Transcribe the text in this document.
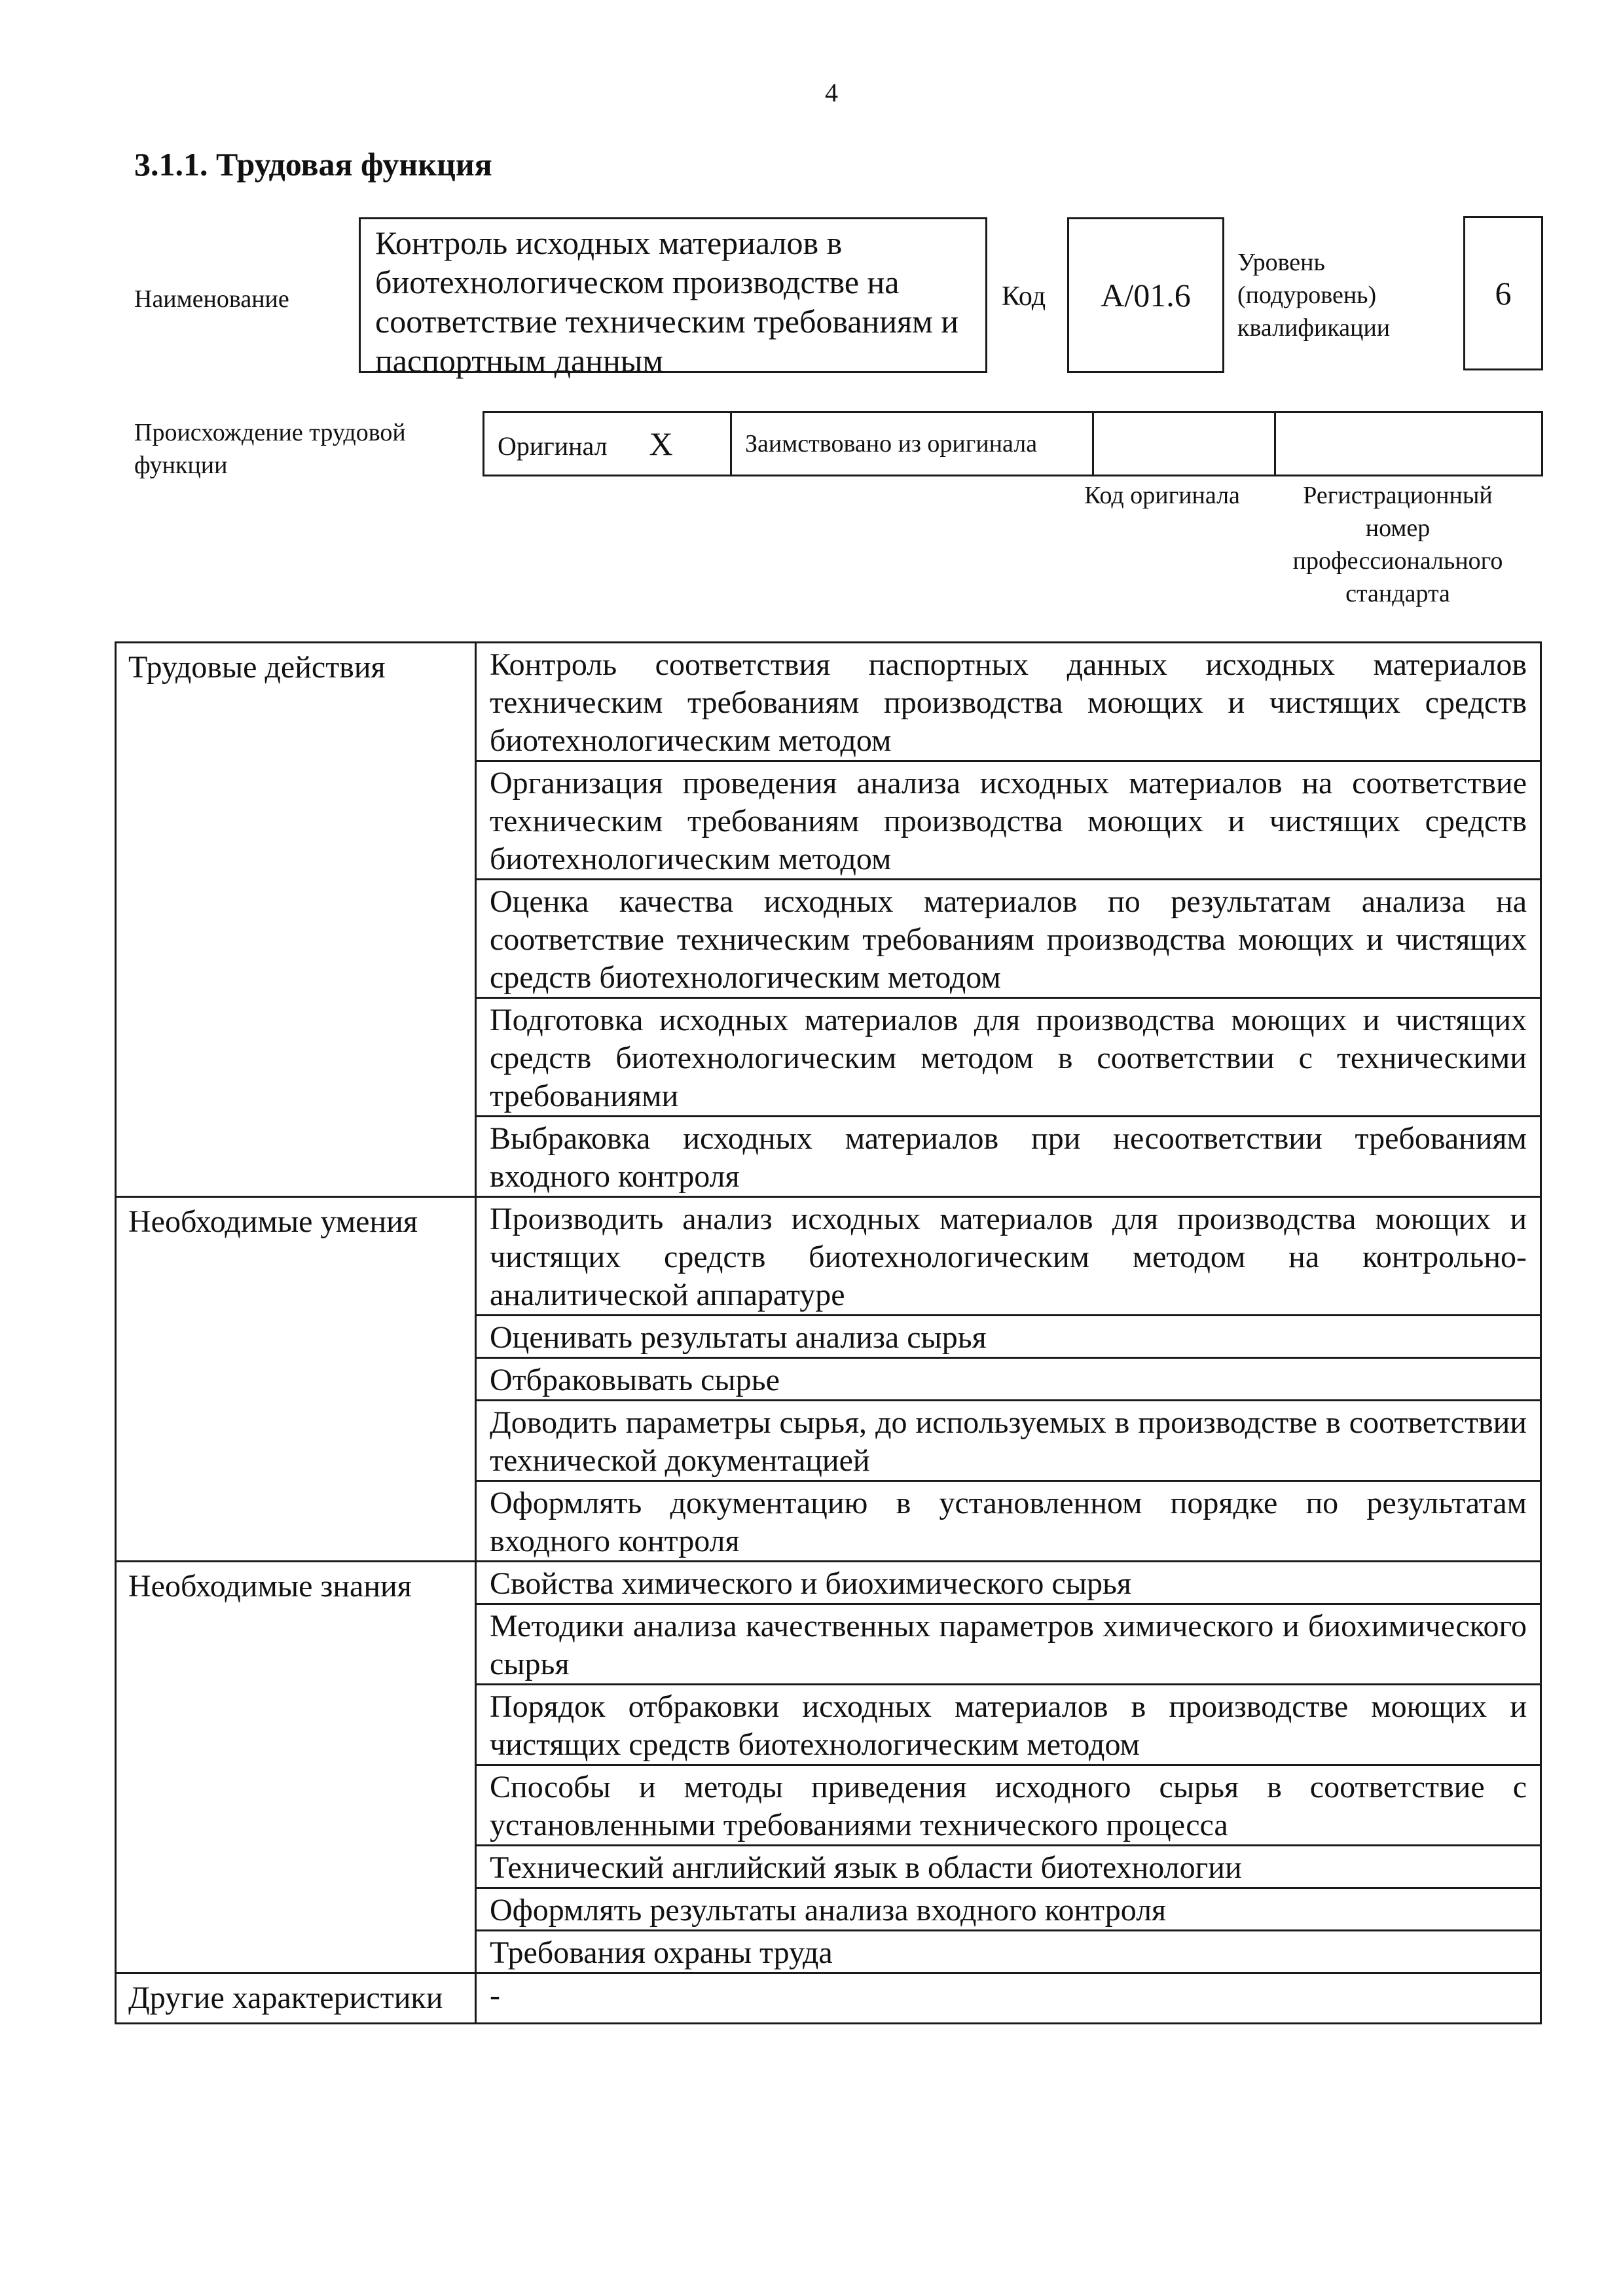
4
3.1.1. Трудовая функция
Наименование
Контроль исходных материалов в биотехнологическом производстве на соответствие техническим требованиям и паспортным данным
Код	А/01.6
Уровень (подуровень) квалификации
6
Происхождение трудовой функции
Оригинал X	Заимствовано из оригинала		
Код оригинала	Регистрационный номер профессионального стандарта
Трудовые действия	Контроль соответствия паспортных данных исходных материалов техническим требованиям производства моющих и чистящих средств биотехнологическим методом
	Организация проведения анализа исходных материалов на соответствие техническим требованиям производства моющих и чистящих средств биотехнологическим методом
	Оценка качества исходных материалов по результатам анализа на соответствие техническим требованиям производства моющих и чистящих средств биотехнологическим методом
	Подготовка исходных материалов для производства моющих и чистящих средств биотехнологическим методом в соответствии с техническими требованиями
	Выбраковка исходных материалов при несоответствии требованиям входного контроля
Необходимые умения	Производить анализ исходных материалов для производства моющих и чистящих средств биотехнологическим методом на контрольно-аналитической аппаратуре
	Оценивать результаты анализа сырья
	Отбраковывать сырье
	Доводить параметры сырья, до используемых в производстве в соответствии технической документацией
	Оформлять документацию в установленном порядке по результатам входного контроля
Необходимые знания	Свойства химического и биохимического сырья
	Методики анализа качественных параметров химического и биохимического сырья
	Порядок отбраковки исходных материалов в производстве моющих и чистящих средств биотехнологическим методом
	Способы и методы приведения исходного сырья в соответствие с установленными требованиями технического процесса
	Технический английский язык в области биотехнологии
	Оформлять результаты анализа входного контроля
	Требования охраны труда
Другие характеристики	-
